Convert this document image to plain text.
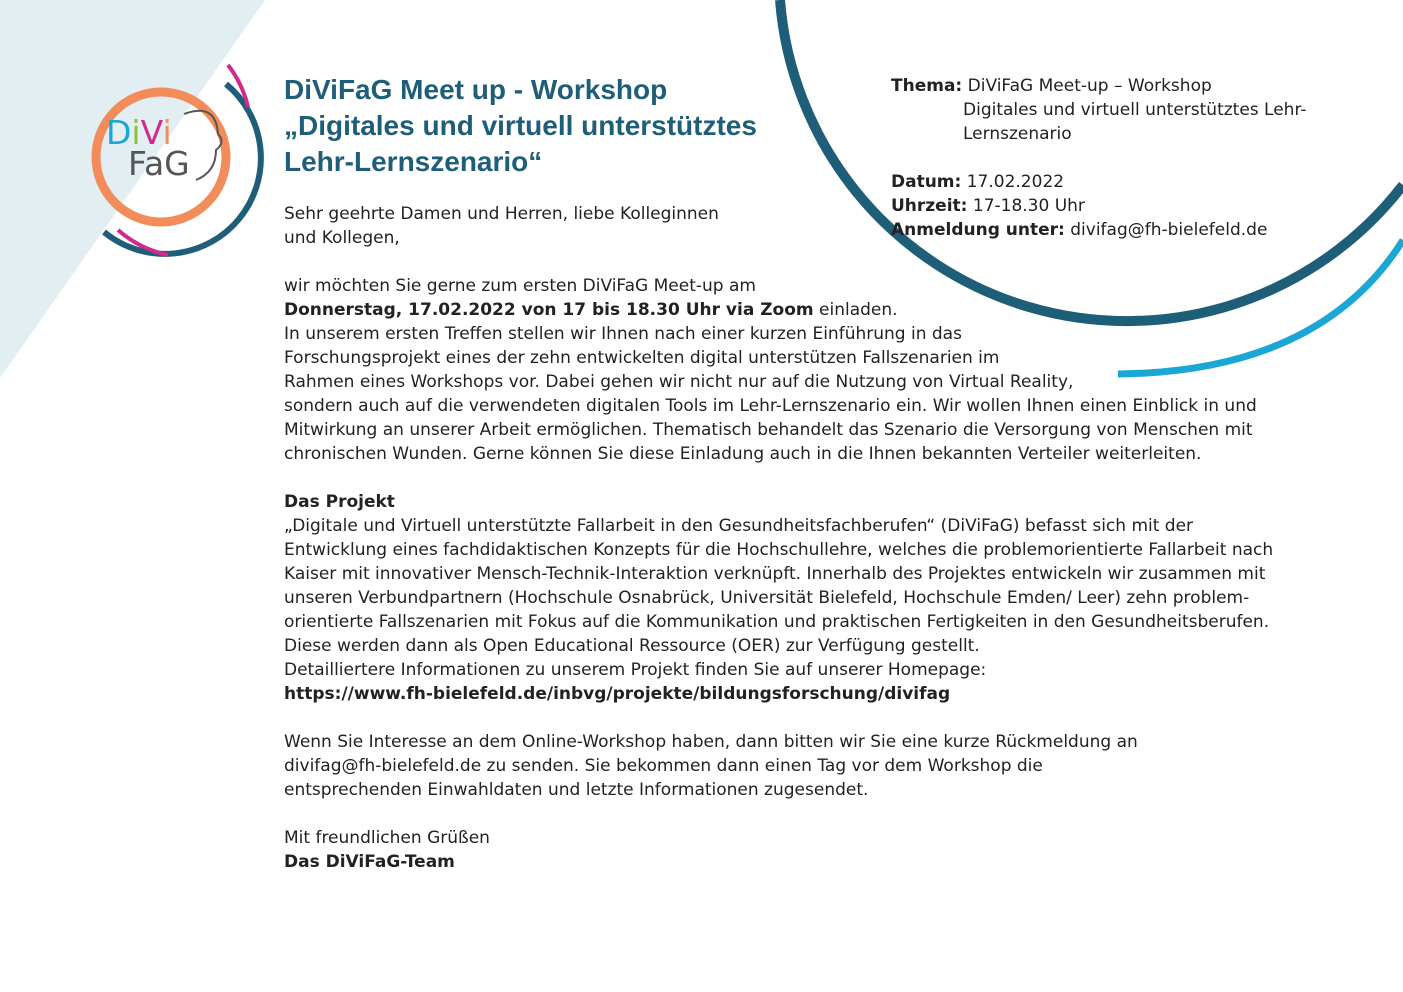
DiVi
FaG
DiViFaG Meet up - Workshop
„Digitales und virtuell unterstütztes
Lehr-Lernszenario“
Thema: DiViFaG Meet-up – Workshop
Digitales und virtuell unterstütztes Lehr-
Lernszenario
Datum: 17.02.2022
Uhrzeit: 17-18.30 Uhr
Anmeldung unter: divifag@fh-bielefeld.de
Sehr geehrte Damen und Herren, liebe Kolleginnen
und Kollegen,
wir möchten Sie gerne zum ersten DiViFaG Meet-up am
Donnerstag, 17.02.2022 von 17 bis 18.30 Uhr via Zoom einladen.
In unserem ersten Treffen stellen wir Ihnen nach einer kurzen Einführung in das
Forschungsprojekt eines der zehn entwickelten digital unterstützen Fallszenarien im
Rahmen eines Workshops vor. Dabei gehen wir nicht nur auf die Nutzung von Virtual Reality,
sondern auch auf die verwendeten digitalen Tools im Lehr-Lernszenario ein. Wir wollen Ihnen einen Einblick in und
Mitwirkung an unserer Arbeit ermöglichen. Thematisch behandelt das Szenario die Versorgung von Menschen mit
chronischen Wunden. Gerne können Sie diese Einladung auch in die Ihnen bekannten Verteiler weiterleiten.
Das Projekt
„Digitale und Virtuell unterstützte Fallarbeit in den Gesundheitsfachberufen“ (DiViFaG) befasst sich mit der
Entwicklung eines fachdidaktischen Konzepts für die Hochschullehre, welches die problemorientierte Fallarbeit nach
Kaiser mit innovativer Mensch-Technik-Interaktion verknüpft. Innerhalb des Projektes entwickeln wir zusammen mit
unseren Verbundpartnern (Hochschule Osnabrück, Universität Bielefeld, Hochschule Emden/ Leer) zehn problem-
orientierte Fallszenarien mit Fokus auf die Kommunikation und praktischen Fertigkeiten in den Gesundheitsberufen.
Diese werden dann als Open Educational Ressource (OER) zur Verfügung gestellt.
Detailliertere Informationen zu unserem Projekt finden Sie auf unserer Homepage:
https://www.fh-bielefeld.de/inbvg/projekte/bildungsforschung/divifag
Wenn Sie Interesse an dem Online-Workshop haben, dann bitten wir Sie eine kurze Rückmeldung an
divifag@fh-bielefeld.de zu senden. Sie bekommen dann einen Tag vor dem Workshop die
entsprechenden Einwahldaten und letzte Informationen zugesendet.
Mit freundlichen Grüßen
Das DiViFaG-Team
